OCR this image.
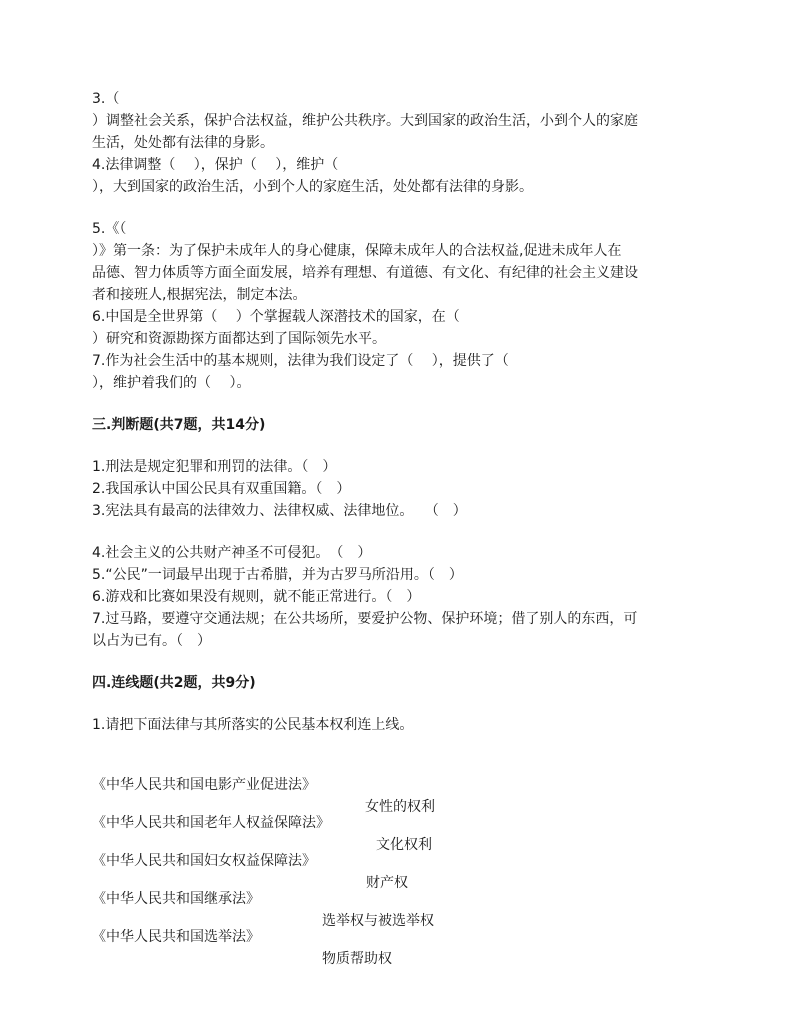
3.（

）调整社会关系，保护合法权益，维护公共秩序。大到国家的政治生活，小到个人的家庭

生活，处处都有法律的身影。

4.法律调整（　 ），保护（　 ），维护（

），大到国家的政治生活，小到个人的家庭生活，处处都有法律的身影。

5.《（

）》第一条：为了保护未成年人的身心健康，保障未成年人的合法权益,促进未成年人在

品德、智力体质等方面全面发展，培养有理想、有道德、有文化、有纪律的社会主义建设

者和接班人,根据宪法，制定本法。

6.中国是全世界第（　 ）个掌握载人深潜技术的国家，在（

）研究和资源勘探方面都达到了国际领先水平。

7.作为社会生活中的基本规则，法律为我们设定了（　 ），提供了（

），维护着我们的（　 ）。

三.判断题(共7题，共14分)

1.刑法是规定犯罪和刑罚的法律。（　）

2.我国承认中国公民具有双重国籍。（　）

3.宪法具有最高的法律效力、法律权威、法律地位。　 （　）

4.社会主义的公共财产神圣不可侵犯。　（　）

5.“公民”一词最早出现于古希腊，并为古罗马所沿用。（　）

6.游戏和比赛如果没有规则，就不能正常进行。（　）

7.过马路，要遵守交通法规；在公共场所，要爱护公物、保护环境；借了别人的东西，可

以占为已有。（　）

四.连线题(共2题，共9分)

1.请把下面法律与其所落实的公民基本权利连上线。

《中华人民共和国电影产业促进法》

女性的权利

《中华人民共和国老年人权益保障法》

文化权利

《中华人民共和国妇女权益保障法》

财产权

《中华人民共和国继承法》

选举权与被选举权

《中华人民共和国选举法》

物质帮助权
